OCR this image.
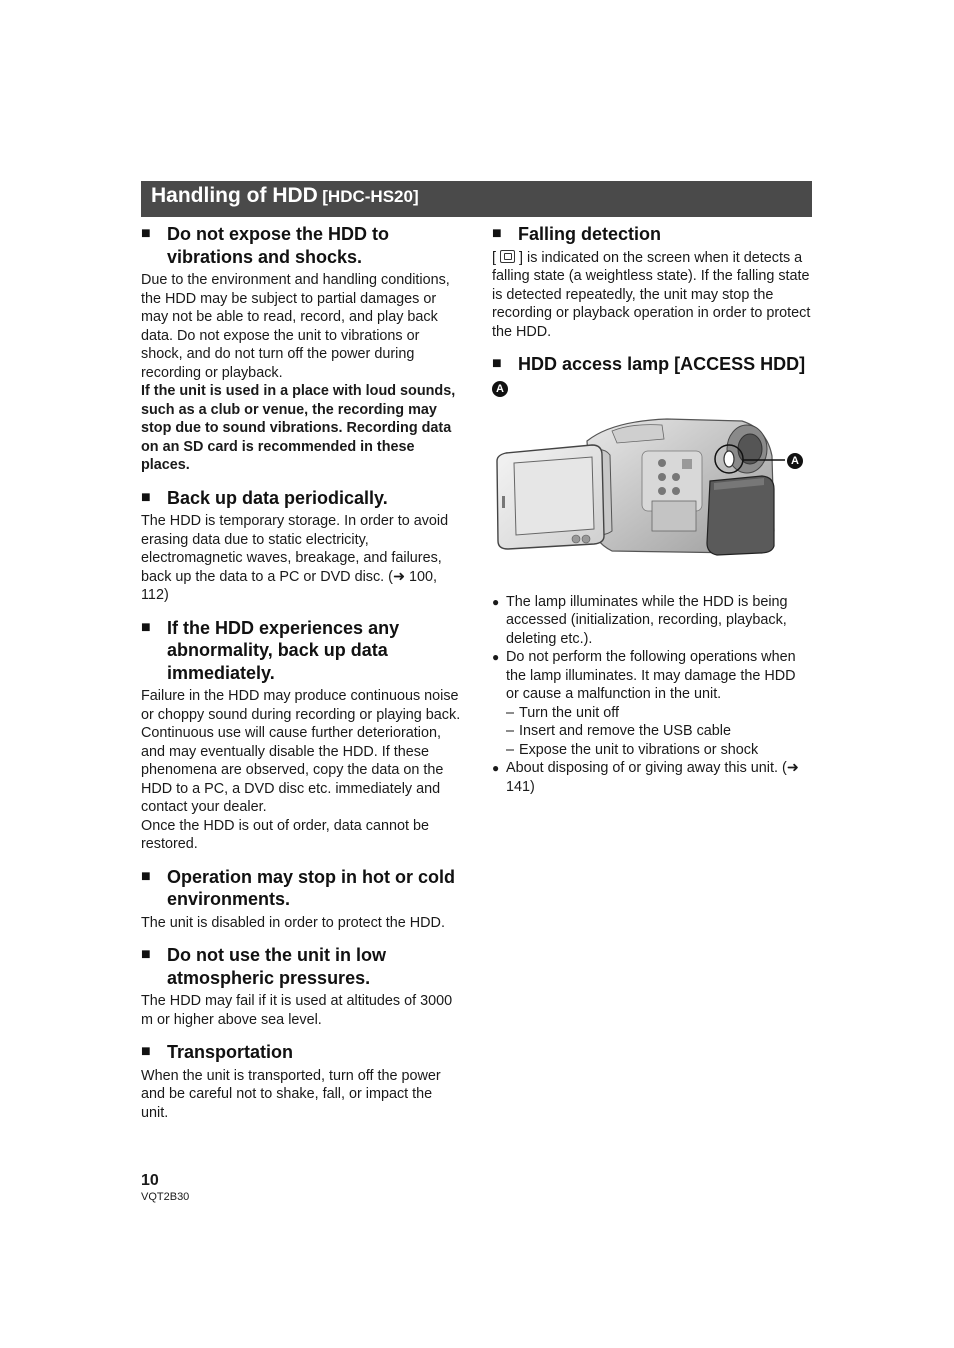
Handling of HDD [HDC-HS20]
■ Do not expose the HDD to vibrations and shocks.

Due to the environment and handling conditions, the HDD may be subject to partial damages or may not be able to read, record, and play back data. Do not expose the unit to vibrations or shock, and do not turn off the power during recording or playback.

If the unit is used in a place with loud sounds, such as a club or venue, the recording may stop due to sound vibrations. Recording data on an SD card is recommended in these places.

■ Back up data periodically.

The HDD is temporary storage. In order to avoid erasing data due to static electricity, electromagnetic waves, breakage, and failures, back up the data to a PC or DVD disc. (➜ 100, 112)

■ If the HDD experiences any abnormality, back up data immediately.

Failure in the HDD may produce continuous noise or choppy sound during recording or playing back. Continuous use will cause further deterioration, and may eventually disable the HDD. If these phenomena are observed, copy the data on the HDD to a PC, a DVD disc etc. immediately and contact your dealer.

Once the HDD is out of order, data cannot be restored.

■ Operation may stop in hot or cold environments.

The unit is disabled in order to protect the HDD.

■ Do not use the unit in low atmospheric pressures.

The HDD may fail if it is used at altitudes of 3000 m or higher above sea level.

■ Transportation

When the unit is transported, turn off the power and be careful not to shake, fall, or impact the unit.

■ Falling detection

[ ] is indicated on the screen when it detects a falling state (a weightless state). If the falling state is detected repeatedly, the unit may stop the recording or playback operation in order to protect the HDD.

■ HDD access lamp [ACCESS HDD]
A
A
● The lamp illuminates while the HDD is being accessed (initialization, recording, playback, deleting etc.).
● Do not perform the following operations when the lamp illuminates. It may damage the HDD or cause a malfunction in the unit.
– Turn the unit off
– Insert and remove the USB cable
– Expose the unit to vibrations or shock
● About disposing of or giving away this unit. (➜ 141)
10
VQT2B30
